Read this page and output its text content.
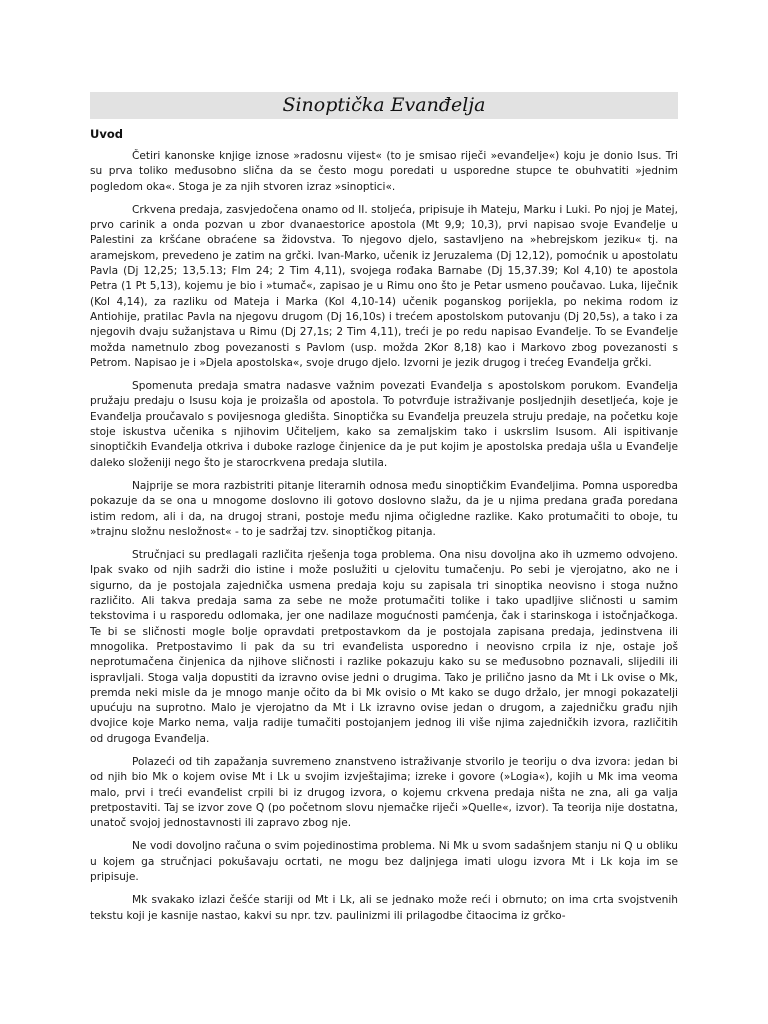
Sinoptička Evanđelja
Uvod

Četiri kanonske knjige iznose »radosnu vijest« (to je smisao riječi »evanđelje«) koju je donio Isus. Tri su prva toliko međusobno slična da se često mogu poredati u usporedne stupce te obuhvatiti »jednim pogledom oka«. Stoga je za njih stvoren izraz »sinoptici«.

Crkvena predaja, zasvjedočena onamo od II. stoljeća, pripisuje ih Mateju, Marku i Luki. Po njoj je Matej, prvo carinik a onda pozvan u zbor dvanaestorice apostola (Mt 9,9; 10,3), prvi napisao svoje Evanđelje u Palestini za kršćane obraćene sa židovstva. To njegovo djelo, sastavljeno na »hebrejskom jeziku« tj. na aramejskom, prevedeno je zatim na grčki. Ivan-Marko, učenik iz Jeruzalema (Dj 12,12), pomoćnik u apostolatu Pavla (Dj 12,25; 13,5.13; Flm 24; 2 Tim 4,11), svojega rođaka Barnabe (Dj 15,37.39; Kol 4,10) te apostola Petra (1 Pt 5,13), kojemu je bio i »tumač«, zapisao je u Rimu ono što je Petar usmeno poučavao. Luka, liječnik (Kol 4,14), za razliku od Mateja i Marka (Kol 4,10-14) učenik poganskog porijekla, po nekima rodom iz Antiohije, pratilac Pavla na njegovu drugom (Dj 16,10s) i trećem apostolskom putovanju (Dj 20,5s), a tako i za njegovih dvaju sužanjstava u Rimu (Dj 27,1s; 2 Tim 4,11), treći je po redu napisao Evanđelje. To se Evanđelje možda nametnulo zbog povezanosti s Pavlom (usp. možda 2Kor 8,18) kao i Markovo zbog povezanosti s Petrom. Napisao je i »Djela apostolska«, svoje drugo djelo. Izvorni je jezik drugog i trećeg Evanđelja grčki.

Spomenuta predaja smatra nadasve važnim povezati Evanđelja s apostolskom porukom. Evanđelja pružaju predaju o Isusu koja je proizašla od apostola. To potvrđuje istraživanje posljednjih desetljeća, koje je Evanđelja proučavalo s povijesnoga gledišta. Sinoptička su Evanđelja preuzela struju predaje, na početku koje stoje iskustva učenika s njihovim Učiteljem, kako sa zemaljskim tako i uskrslim Isusom. Ali ispitivanje sinoptičkih Evanđelja otkriva i duboke razloge činjenice da je put kojim je apostolska predaja ušla u Evanđelje daleko složeniji nego što je starocrkvena predaja slutila.

Najprije se mora razbistriti pitanje literarnih odnosa među sinoptičkim Evanđeljima. Pomna usporedba pokazuje da se ona u mnogome doslovno ili gotovo doslovno slažu, da je u njima predana građa poredana istim redom, ali i da, na drugoj strani, postoje među njima očigledne razlike. Kako protumačiti to oboje, tu »trajnu složnu nesložnost« - to je sadržaj tzv. sinoptičkog pitanja.

Stručnjaci su predlagali različita rješenja toga problema. Ona nisu dovoljna ako ih uzmemo odvojeno. Ipak svako od njih sadrži dio istine i može poslužiti u cjelovitu tumačenju. Po sebi je vjerojatno, ako ne i sigurno, da je postojala zajednička usmena predaja koju su zapisala tri sinoptika neovisno i stoga nužno različito. Ali takva predaja sama za sebe ne može protumačiti tolike i tako upadljive sličnosti u samim tekstovima i u rasporedu odlomaka, jer one nadilaze mogućnosti pamćenja, čak i starinskoga i istočnjačkoga. Te bi se sličnosti mogle bolje opravdati pretpostavkom da je postojala zapisana predaja, jedinstvena ili mnogolika. Pretpostavimo li pak da su tri evanđelista usporedno i neovisno crpila iz nje, ostaje još neprotumačena činjenica da njihove sličnosti i razlike pokazuju kako su se međusobno poznavali, slijedili ili ispravljali. Stoga valja dopustiti da izravno ovise jedni o drugima. Tako je prilično jasno da Mt i Lk ovise o Mk, premda neki misle da je mnogo manje očito da bi Mk ovisio o Mt kako se dugo držalo, jer mnogi pokazatelji upućuju na suprotno. Malo je vjerojatno da Mt i Lk izravno ovise jedan o drugom, a zajedničku građu njih dvojice koje Marko nema, valja radije tumačiti postojanjem jednog ili više njima zajedničkih izvora, različitih od drugoga Evanđelja.

Polazeći od tih zapažanja suvremeno znanstveno istraživanje stvorilo je teoriju o dva izvora: jedan bi od njih bio Mk o kojem ovise Mt i Lk u svojim izvještajima; izreke i govore (»Logia«), kojih u Mk ima veoma malo, prvi i treći evanđelist crpili bi iz drugog izvora, o kojemu crkvena predaja ništa ne zna, ali ga valja pretpostaviti. Taj se izvor zove Q (po početnom slovu njemačke riječi »Quelle«, izvor). Ta teorija nije dostatna, unatoč svojoj jednostavnosti ili zapravo zbog nje.

Ne vodi dovoljno računa o svim pojedinostima problema. Ni Mk u svom sadašnjem stanju ni Q u obliku u kojem ga stručnjaci pokušavaju ocrtati, ne mogu bez daljnjega imati ulogu izvora Mt i Lk koja im se pripisuje.

Mk svakako izlazi češće stariji od Mt i Lk, ali se jednako može reći i obrnuto; on ima crta svojstvenih tekstu koji je kasnije nastao, kakvi su npr. tzv. paulinizmi ili prilagodbe čitaocima iz grčko-
